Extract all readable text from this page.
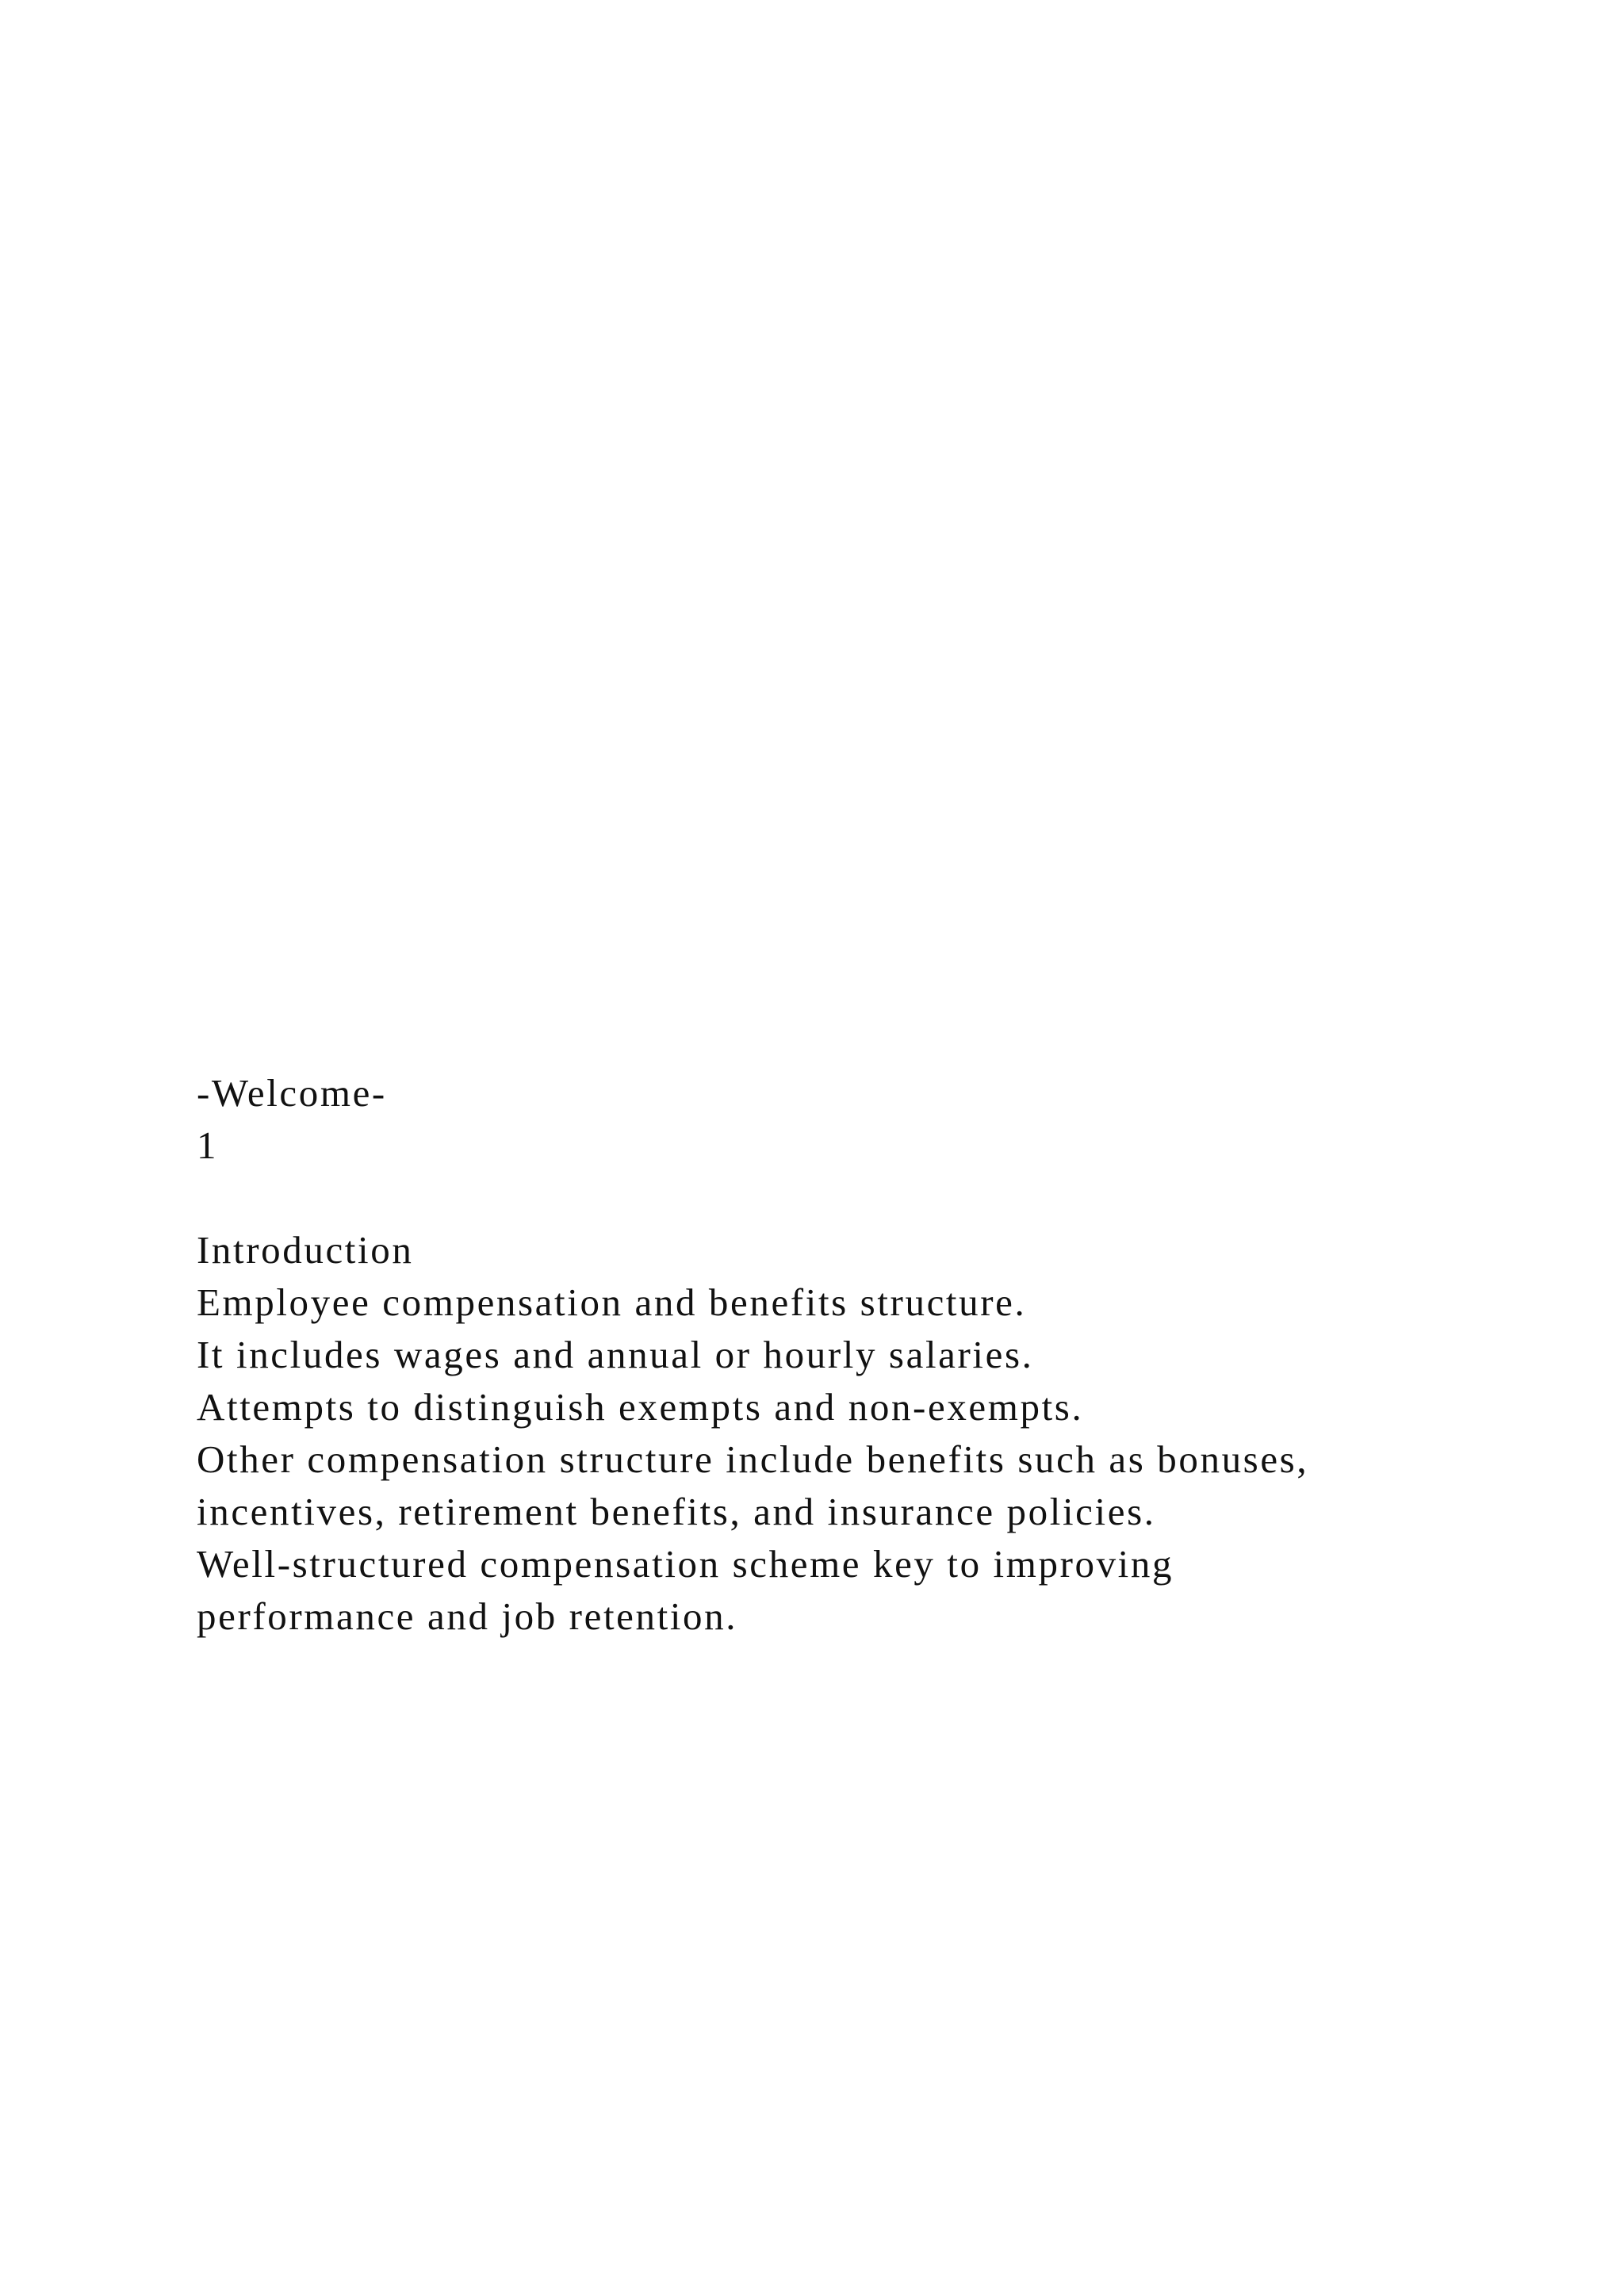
-Welcome-
1
Introduction
Employee compensation and benefits structure.
It includes wages and annual or hourly salaries.
Attempts to distinguish exempts and non-exempts.
Other compensation structure include benefits such as bonuses,
incentives, retirement benefits, and insurance policies.
Well-structured compensation scheme key to improving
performance and job retention.
